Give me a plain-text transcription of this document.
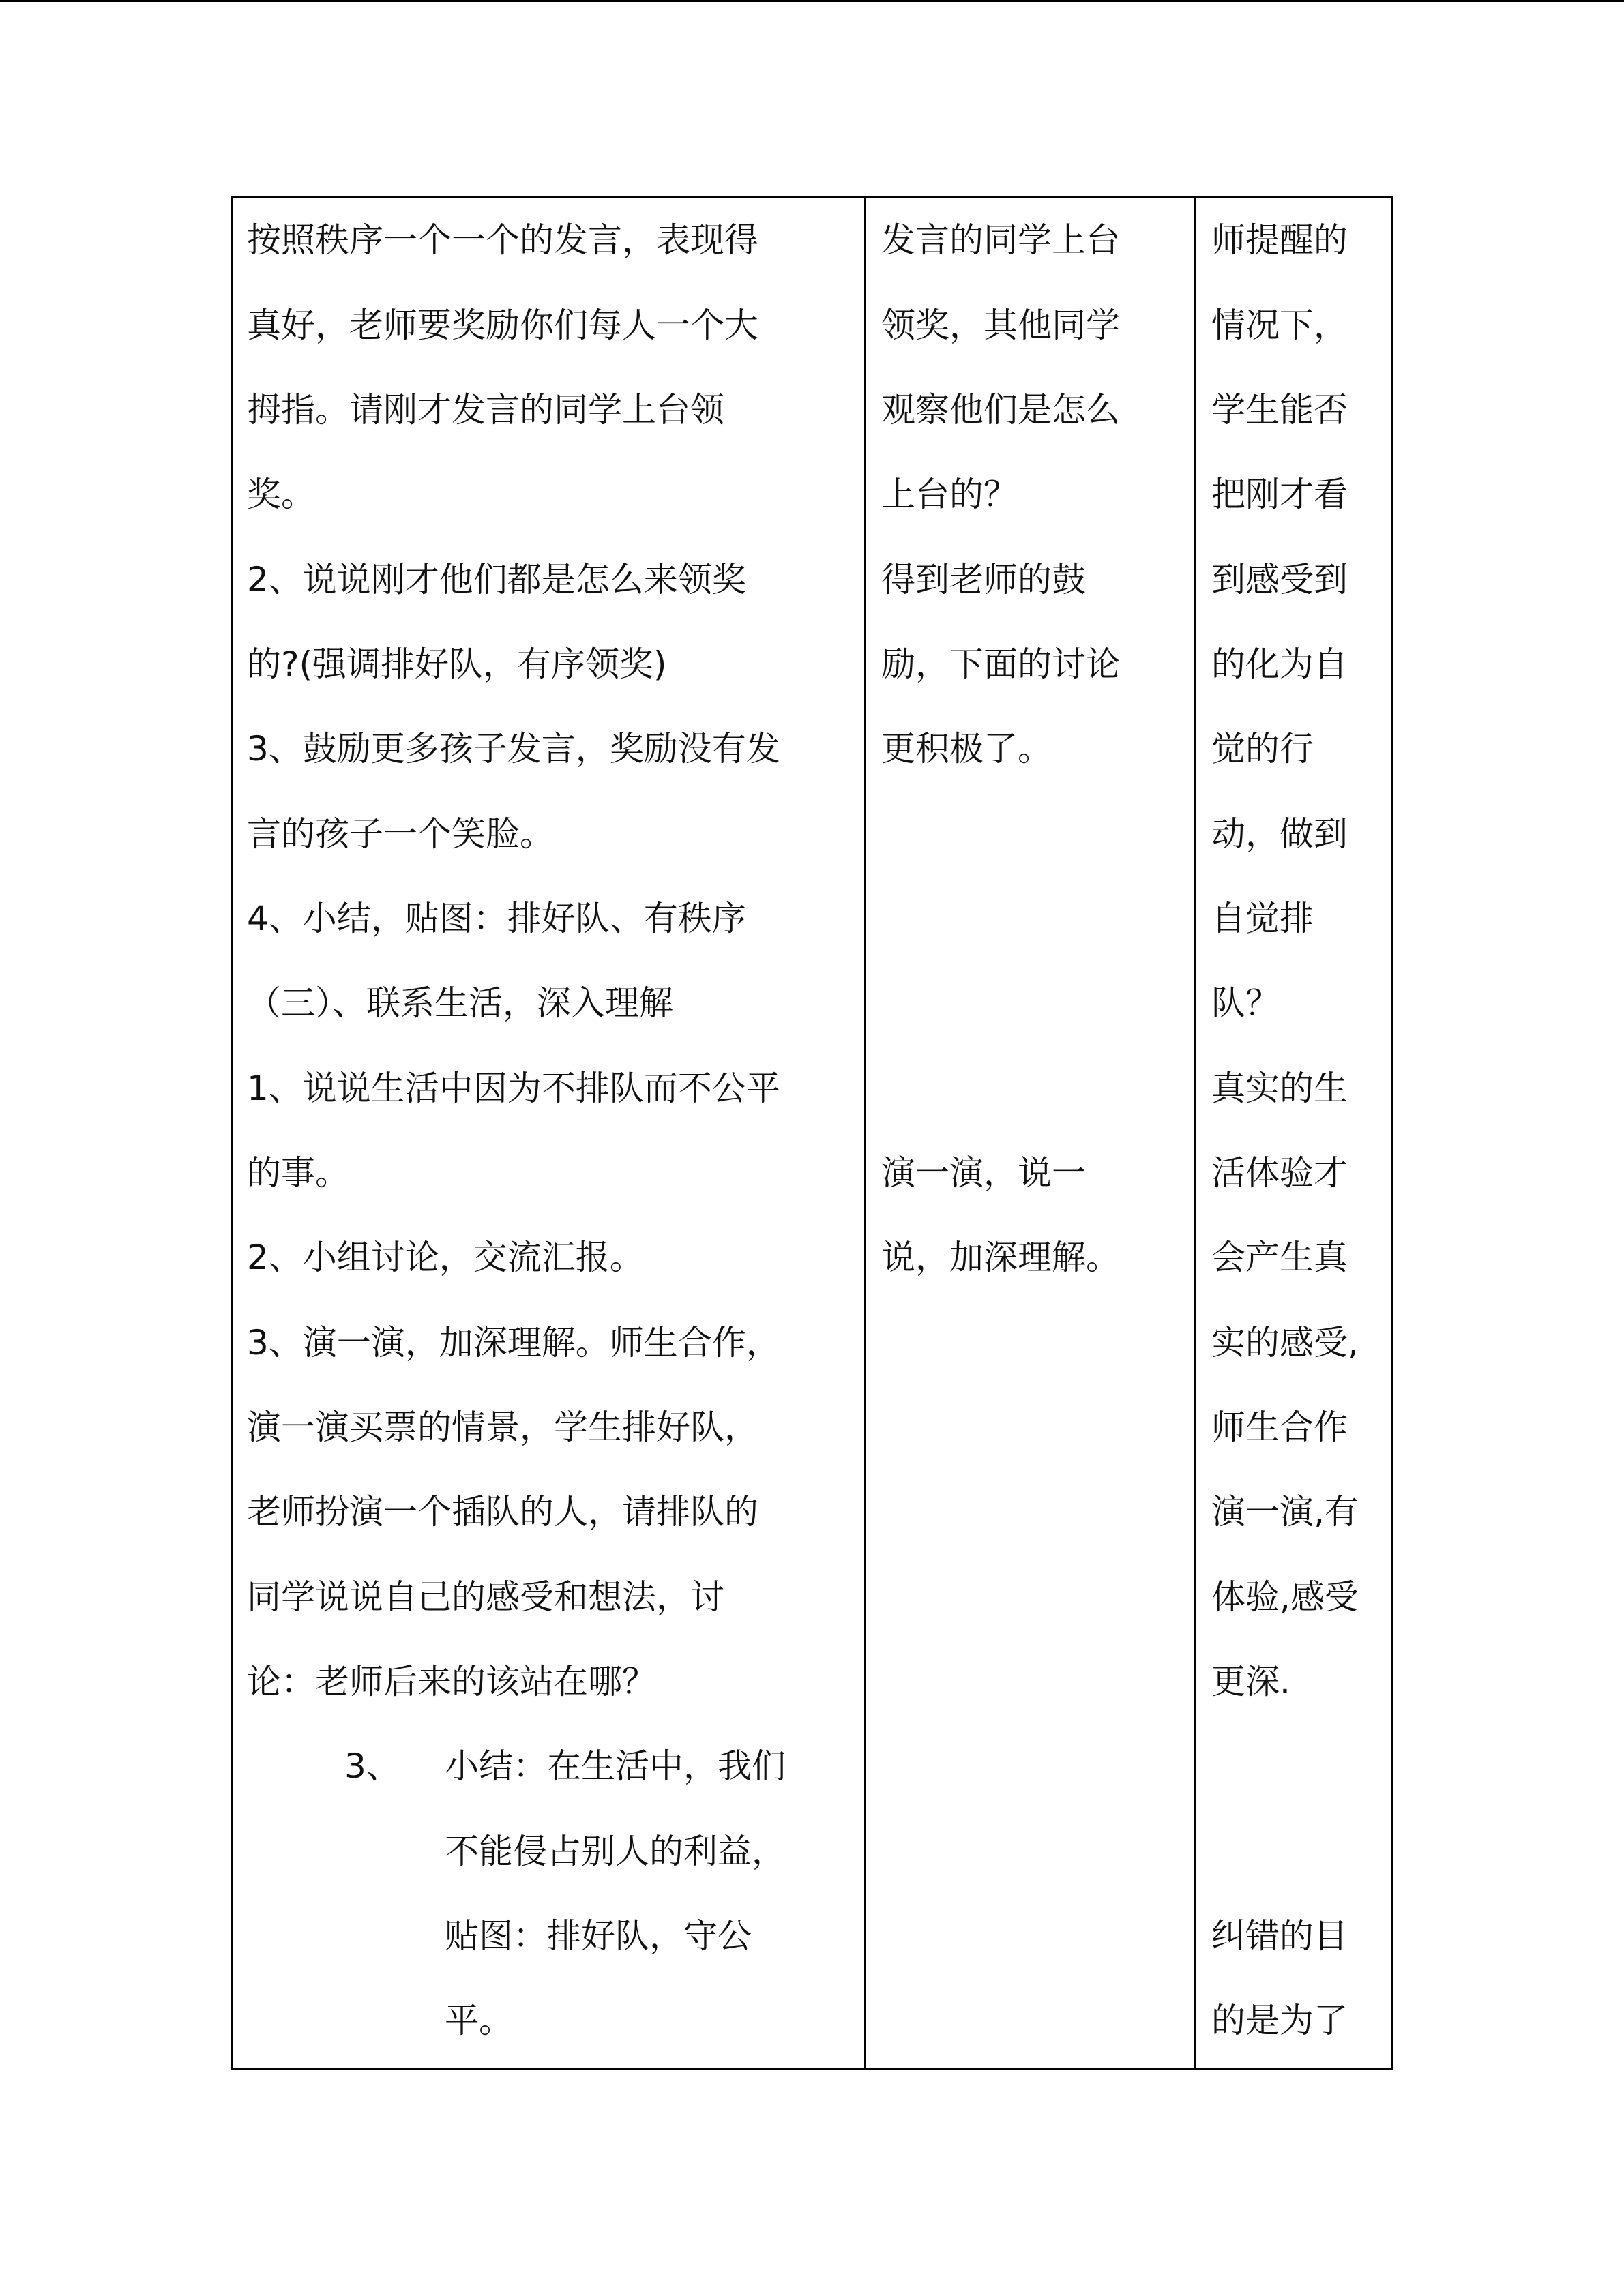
按照秩序一个一个的发言，表现得
真好，老师要奖励你们每人一个大
拇指。请刚才发言的同学上台领
奖。
2、说说刚才他们都是怎么来领奖
的?(强调排好队，有序领奖)
3、鼓励更多孩子发言，奖励没有发
言的孩子一个笑脸。
4、小结，贴图：排好队、有秩序
（三）、联系生活，深入理解
1、说说生活中因为不排队而不公平
的事。
2、小组讨论，交流汇报。
3、演一演，加深理解。师生合作，
演一演买票的情景，学生排好队，
老师扮演一个插队的人，请排队的
同学说说自己的感受和想法，讨
论：老师后来的该站在哪？
3、 小结：在生活中，我们
不能侵占别人的利益，
贴图：排好队，守公
平。
发言的同学上台
领奖，其他同学
观察他们是怎么
上台的？
得到老师的鼓
励，下面的讨论
更积极了。
演一演，说一
说，加深理解。
师提醒的
情况下，
学生能否
把刚才看
到感受到
的化为自
觉的行
动，做到
自觉排
队？
真实的生
活体验才
会产生真
实的感受,
师生合作
演一演,有
体验,感受
更深.
纠错的目
的是为了
